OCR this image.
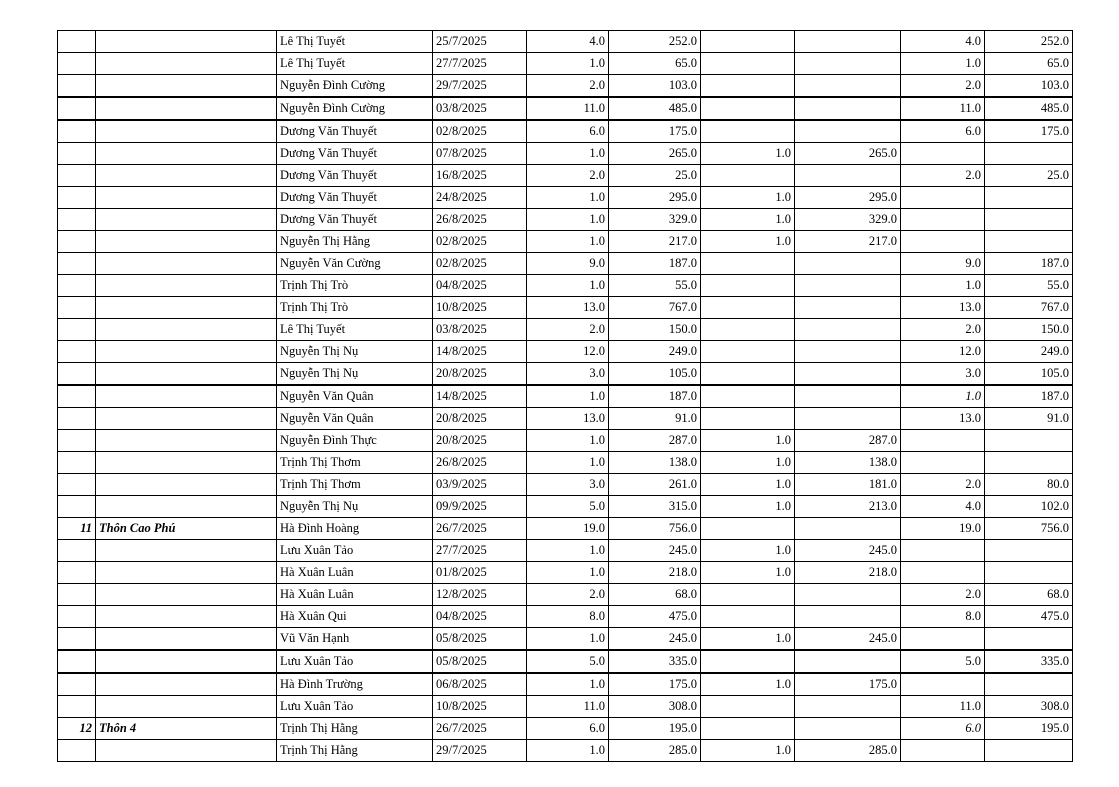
		Lê Thị Tuyết	25/7/2025	4.0	252.0			4.0	252.0
		Lê Thị Tuyết	27/7/2025	1.0	65.0			1.0	65.0
		Nguyễn Đình Cường	29/7/2025	2.0	103.0			2.0	103.0
		Nguyễn Đình Cường	03/8/2025	11.0	485.0			11.0	485.0
		Dương Văn Thuyết	02/8/2025	6.0	175.0			6.0	175.0
		Dương Văn Thuyết	07/8/2025	1.0	265.0	1.0	265.0		
		Dương Văn Thuyết	16/8/2025	2.0	25.0			2.0	25.0
		Dương Văn Thuyết	24/8/2025	1.0	295.0	1.0	295.0		
		Dương Văn Thuyết	26/8/2025	1.0	329.0	1.0	329.0		
		Nguyễn Thị Hằng	02/8/2025	1.0	217.0	1.0	217.0		
		Nguyễn Văn Cường	02/8/2025	9.0	187.0			9.0	187.0
		Trịnh Thị Trò	04/8/2025	1.0	55.0			1.0	55.0
		Trịnh Thị Trò	10/8/2025	13.0	767.0			13.0	767.0
		Lê Thị Tuyết	03/8/2025	2.0	150.0			2.0	150.0
		Nguyễn Thị Nụ	14/8/2025	12.0	249.0			12.0	249.0
		Nguyễn Thị Nụ	20/8/2025	3.0	105.0			3.0	105.0
		Nguyễn Văn Quân	14/8/2025	1.0	187.0			1.0	187.0
		Nguyễn Văn Quân	20/8/2025	13.0	91.0			13.0	91.0
		Nguyễn Đình Thực	20/8/2025	1.0	287.0	1.0	287.0		
		Trịnh Thị Thơm	26/8/2025	1.0	138.0	1.0	138.0		
		Trịnh Thị Thơm	03/9/2025	3.0	261.0	1.0	181.0	2.0	80.0
		Nguyễn Thị Nụ	09/9/2025	5.0	315.0	1.0	213.0	4.0	102.0
11	Thôn Cao Phú	Hà Đình Hoàng	26/7/2025	19.0	756.0			19.0	756.0
		Lưu Xuân Tảo	27/7/2025	1.0	245.0	1.0	245.0		
		Hà Xuân Luân	01/8/2025	1.0	218.0	1.0	218.0		
		Hà Xuân Luân	12/8/2025	2.0	68.0			2.0	68.0
		Hà Xuân Qui	04/8/2025	8.0	475.0			8.0	475.0
		Vũ Văn Hạnh	05/8/2025	1.0	245.0	1.0	245.0		
		Lưu Xuân Tảo	05/8/2025	5.0	335.0			5.0	335.0
		Hà Đình Trường	06/8/2025	1.0	175.0	1.0	175.0		
		Lưu Xuân Tảo	10/8/2025	11.0	308.0			11.0	308.0
12	Thôn 4	Trịnh Thị Hằng	26/7/2025	6.0	195.0			6.0	195.0
		Trịnh Thị Hằng	29/7/2025	1.0	285.0	1.0	285.0		
